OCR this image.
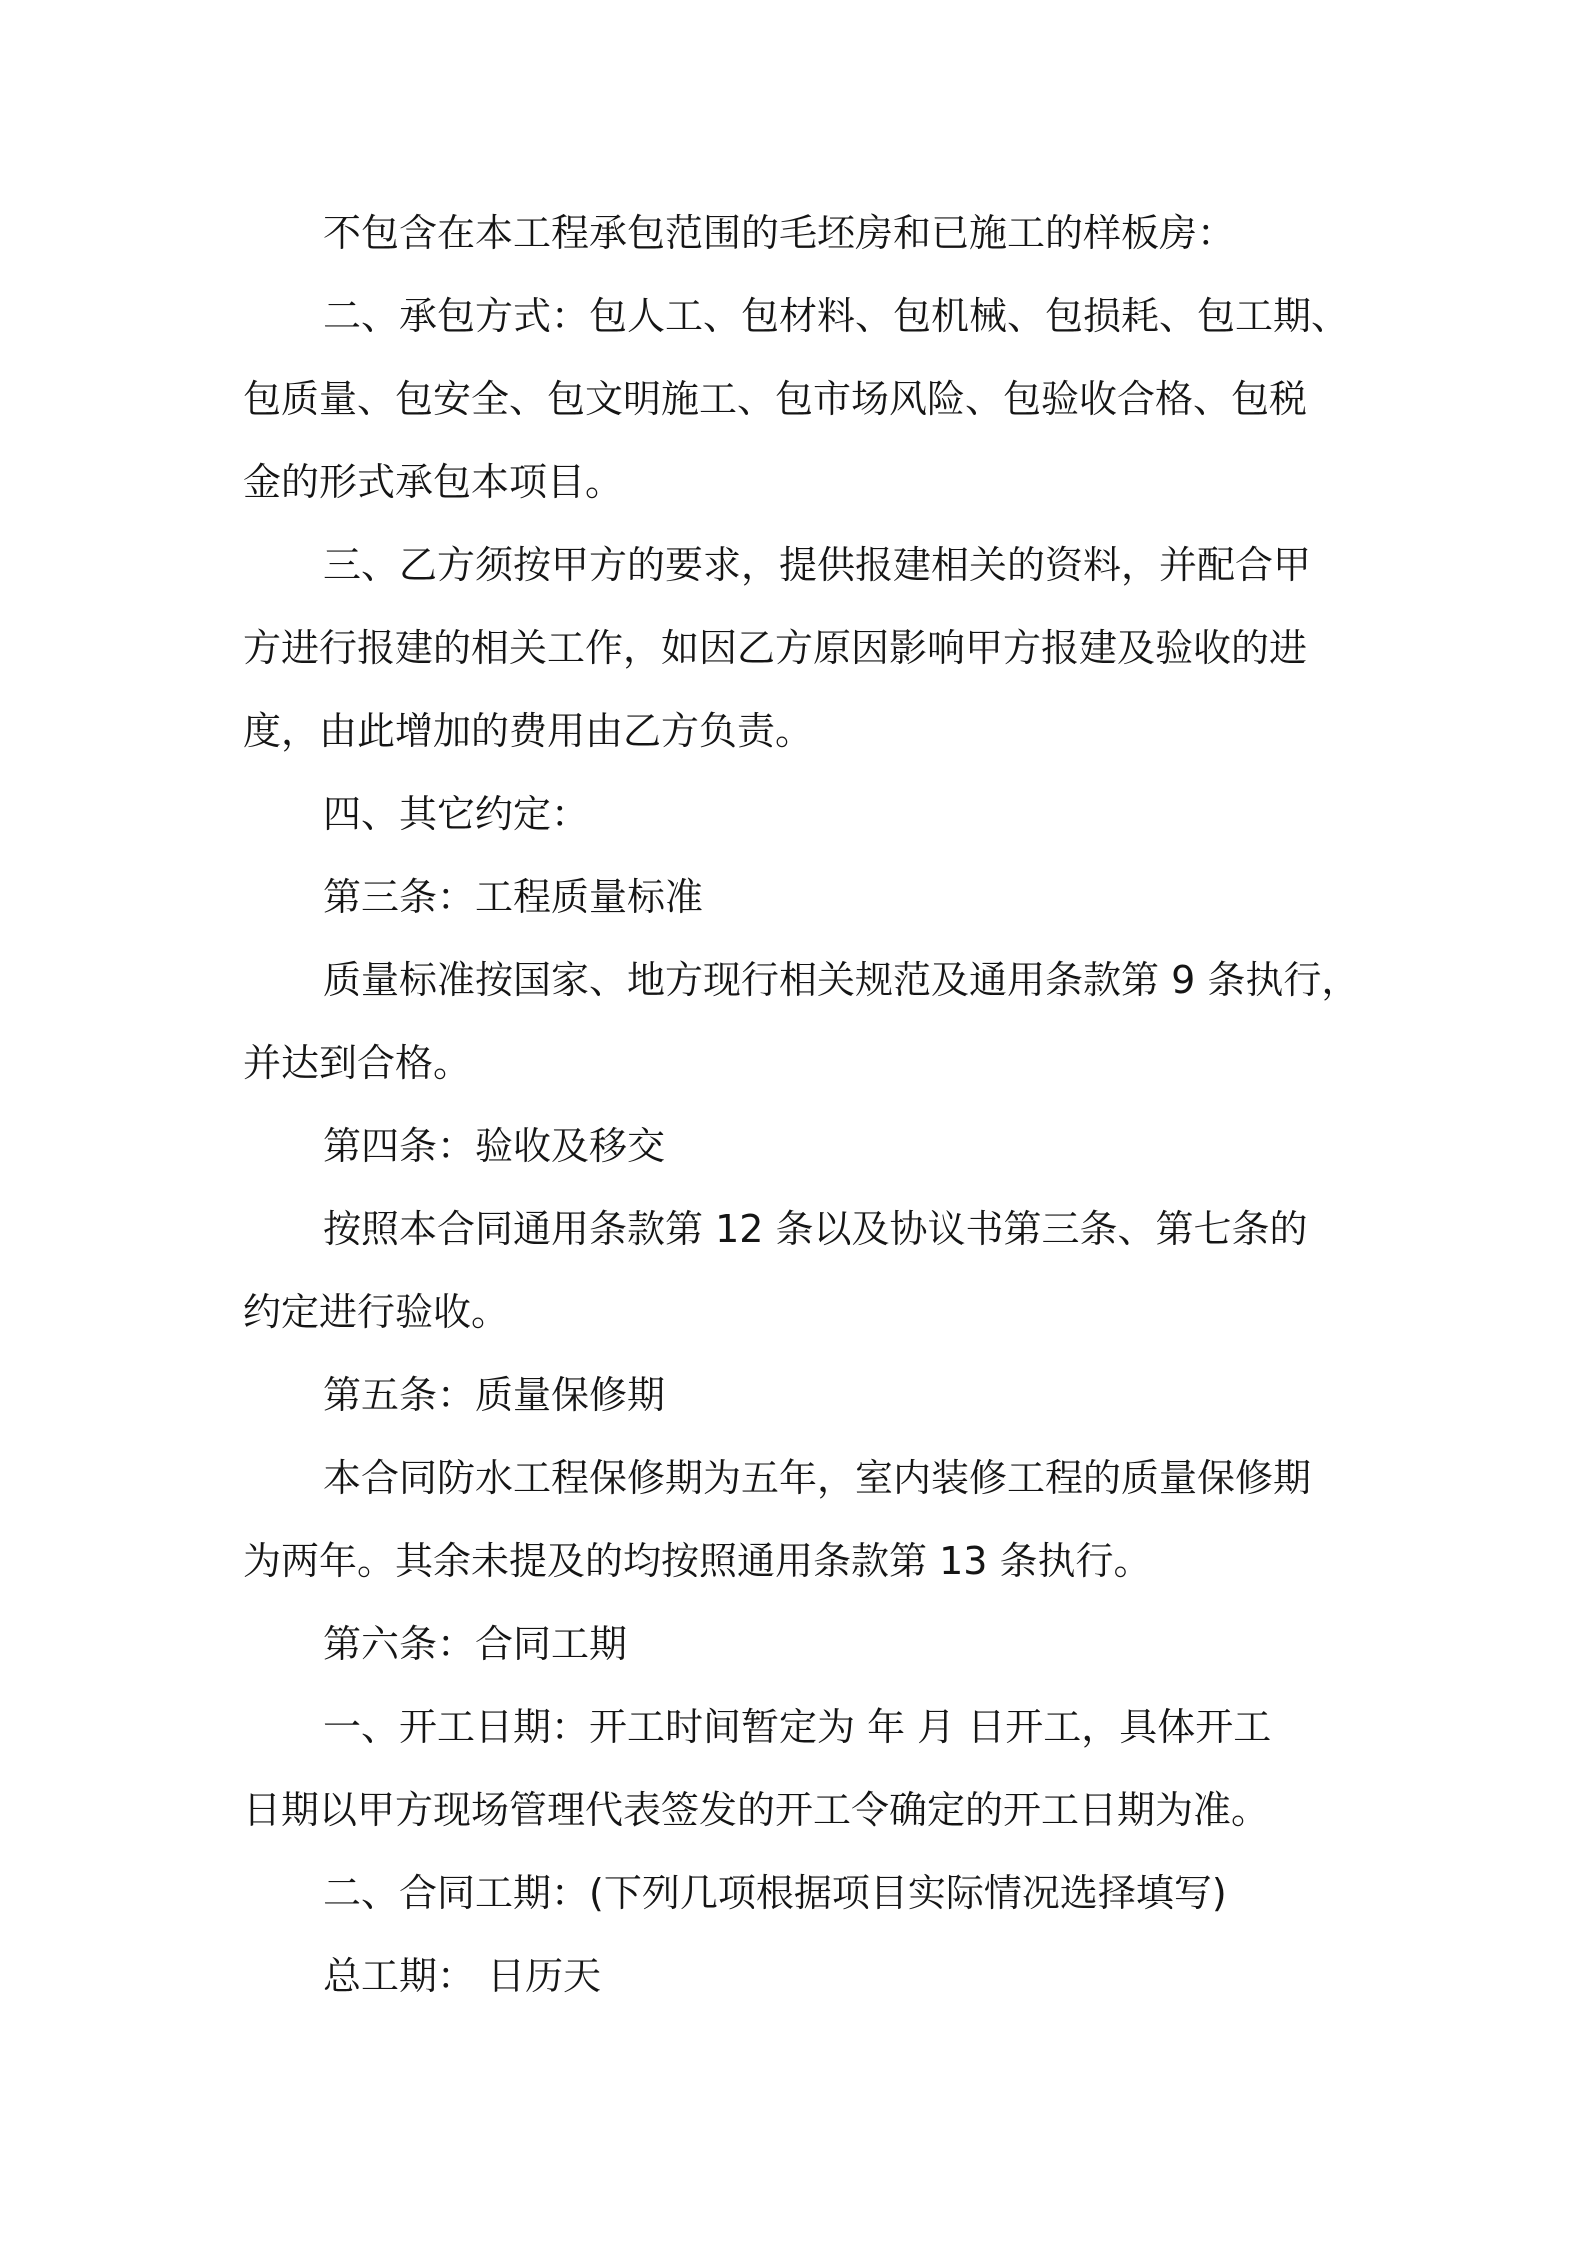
不包含在本工程承包范围的毛坯房和已施工的样板房：

二、承包方式：包人工、包材料、包机械、包损耗、包工期、

包质量、包安全、包文明施工、包市场风险、包验收合格、包税

金的形式承包本项目。

三、乙方须按甲方的要求，提供报建相关的资料，并配合甲

方进行报建的相关工作，如因乙方原因影响甲方报建及验收的进

度，由此增加的费用由乙方负责。

四、其它约定：

第三条：工程质量标准

质量标准按国家、地方现行相关规范及通用条款第 9 条执行，

并达到合格。

第四条：验收及移交

按照本合同通用条款第 12 条以及协议书第三条、第七条的

约定进行验收。

第五条：质量保修期

本合同防水工程保修期为五年，室内装修工程的质量保修期

为两年。其余未提及的均按照通用条款第 13 条执行。

第六条：合同工期

一、开工日期：开工时间暂定为 年 月 日开工，具体开工

日期以甲方现场管理代表签发的开工令确定的开工日期为准。

二、合同工期：(下列几项根据项目实际情况选择填写)

总工期： 日历天
